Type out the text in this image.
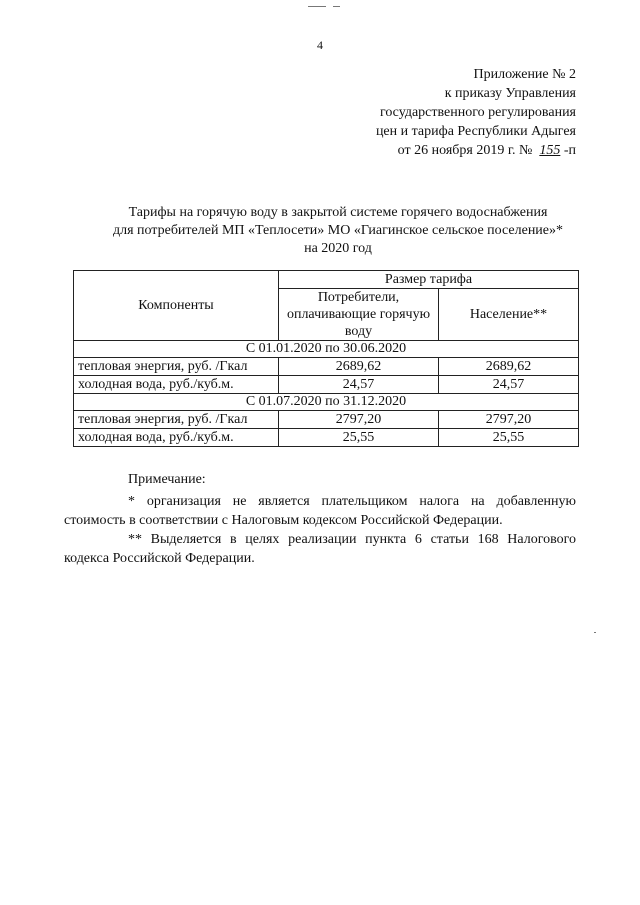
4
Приложение № 2
к приказу Управления
государственного регулирования
цен и тарифа Республики Адыгея
от 26 ноября 2019 г. № 155 -п
Тарифы на горячую воду в закрытой системе горячего водоснабжения
для потребителей МП «Теплосети» МО «Гиагинское сельское поселение»*
на 2020 год
Компоненты	Размер тарифа	
	Потребители, оплачивающие горячую воду	Население**
С 01.01.2020 по 30.06.2020		
тепловая энергия, руб. /Гкал	2689,62	2689,62
холодная вода, руб./куб.м.	24,57	24,57
С 01.07.2020 по 31.12.2020		
тепловая энергия, руб. /Гкал	2797,20	2797,20
холодная вода, руб./куб.м.	25,55	25,55

Примечание:

* организация не является плательщиком налога на добавленную стоимость в соответствии с Налоговым кодексом Российской Федерации.

** Выделяется в целях реализации пункта 6 статьи 168 Налогового кодекса Российской Федерации.
